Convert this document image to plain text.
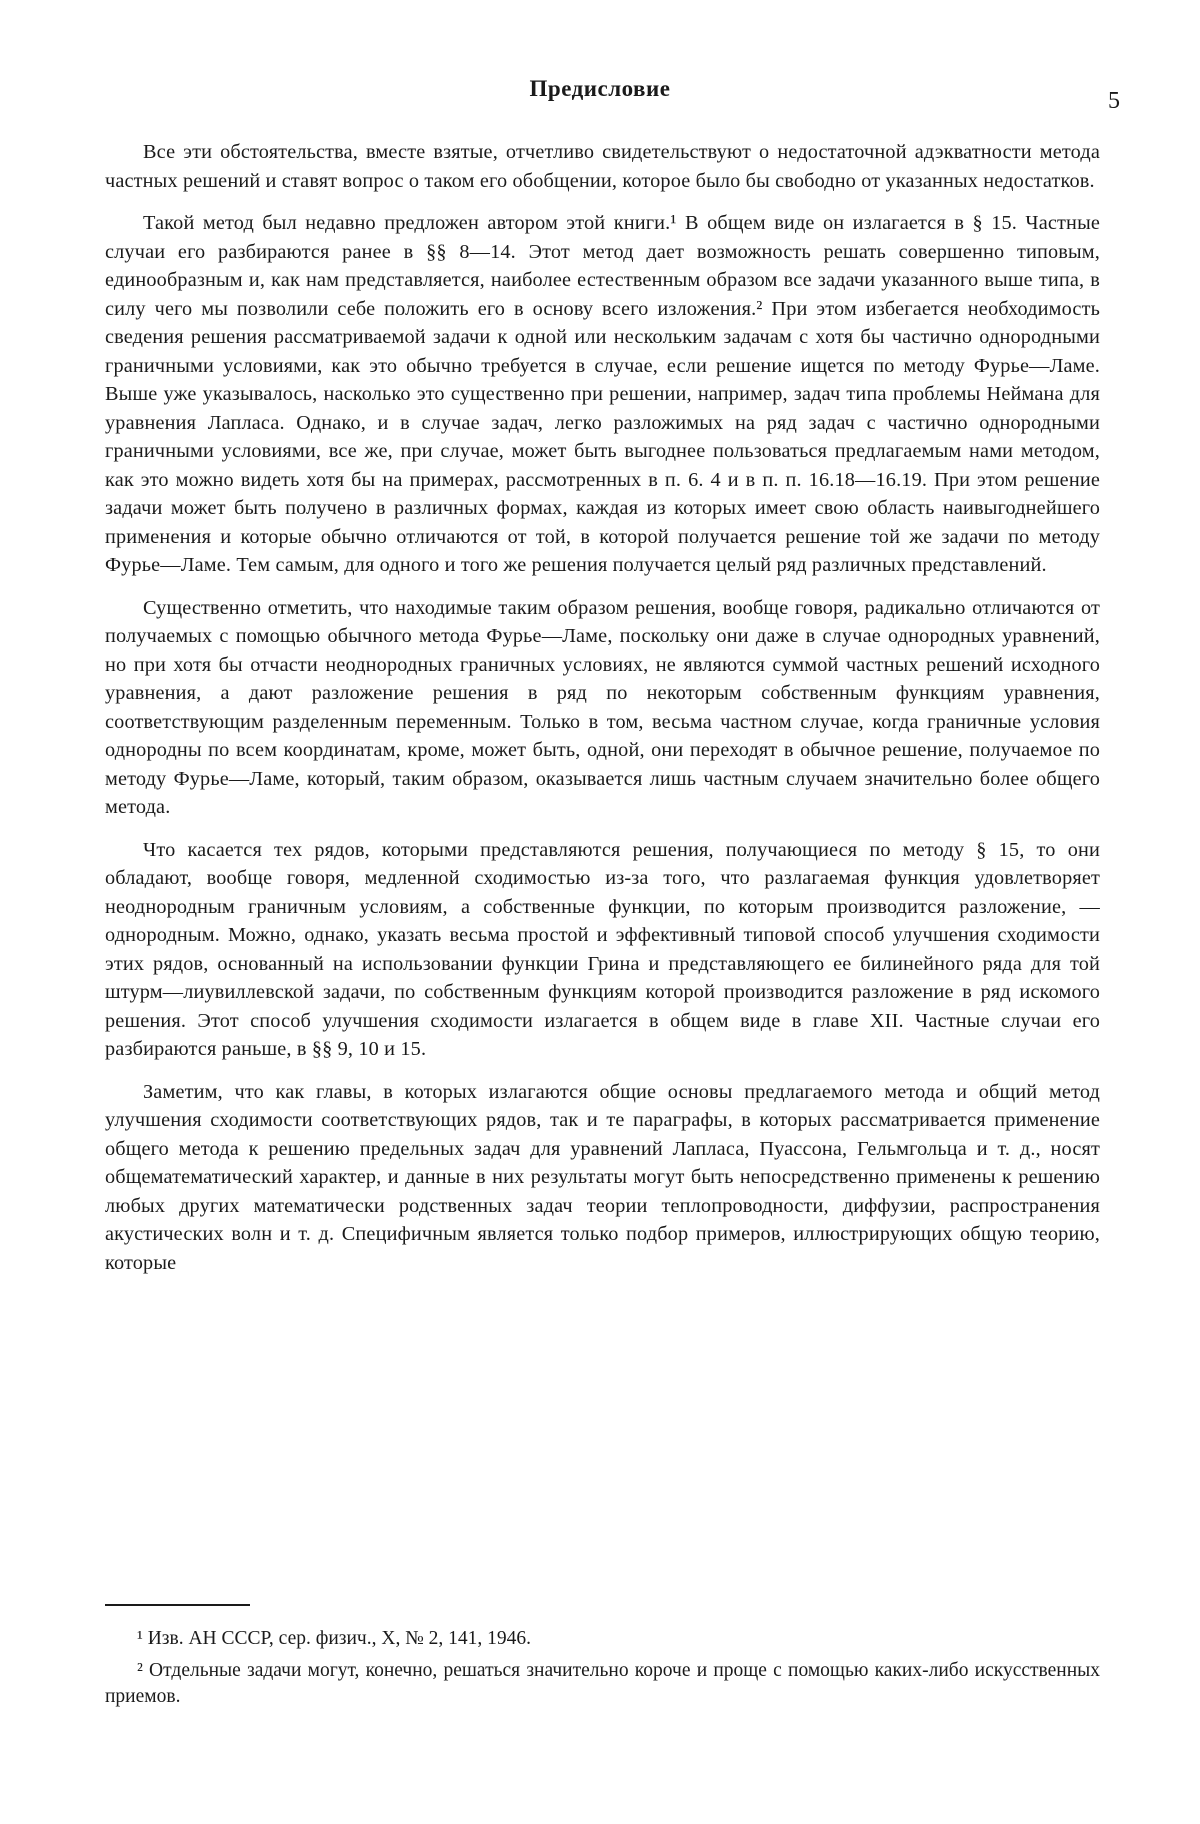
Предисловие	5

Все эти обстоятельства, вместе взятые, отчетливо свидетельствуют о недостаточной адэкватности метода частных решений и ставят вопрос о таком его обобщении, которое было бы свободно от указанных недостатков.

Такой метод был недавно предложен автором этой книги.¹ В общем виде он излагается в § 15. Частные случаи его разбираются ранее в §§ 8—14. Этот метод дает возможность решать совершенно типовым, единообразным и, как нам представляется, наиболее естественным образом все задачи указанного выше типа, в силу чего мы позволили себе положить его в основу всего изложения.² При этом избегается необходимость сведения решения рассматриваемой задачи к одной или нескольким задачам с хотя бы частично однородными граничными условиями, как это обычно требуется в случае, если решение ищется по методу Фурье—Ламе. Выше уже указывалось, насколько это существенно при решении, например, задач типа проблемы Неймана для уравнения Лапласа. Однако, и в случае задач, легко разложимых на ряд задач с частично однородными граничными условиями, все же, при случае, может быть выгоднее пользоваться предлагаемым нами методом, как это можно видеть хотя бы на примерах, рассмотренных в п. 6. 4 и в п. п. 16.18—16.19. При этом решение задачи может быть получено в различных формах, каждая из которых имеет свою область наивыгоднейшего применения и которые обычно отличаются от той, в которой получается решение той же задачи по методу Фурье—Ламе. Тем самым, для одного и того же решения получается целый ряд различных представлений.

Существенно отметить, что находимые таким образом решения, вообще говоря, радикально отличаются от получаемых с помощью обычного метода Фурье—Ламе, поскольку они даже в случае однородных уравнений, но при хотя бы отчасти неоднородных граничных условиях, не являются суммой частных решений исходного уравнения, а дают разложение решения в ряд по некоторым собственным функциям уравнения, соответствующим разделенным переменным. Только в том, весьма частном случае, когда граничные условия однородны по всем координатам, кроме, может быть, одной, они переходят в обычное решение, получаемое по методу Фурье—Ламе, который, таким образом, оказывается лишь частным случаем значительно более общего метода.

Что касается тех рядов, которыми представляются решения, получающиеся по методу § 15, то они обладают, вообще говоря, медленной сходимостью из-за того, что разлагаемая функция удовлетворяет неоднородным граничным условиям, а собственные функции, по которым производится разложение, — однородным. Можно, однако, указать весьма простой и эффективный типовой способ улучшения сходимости этих рядов, основанный на использовании функции Грина и представляющего ее билинейного ряда для той штурм—лиувиллевской задачи, по собственным функциям которой производится разложение в ряд искомого решения. Этот способ улучшения сходимости излагается в общем виде в главе XII. Частные случаи его разбираются раньше, в §§ 9, 10 и 15.

Заметим, что как главы, в которых излагаются общие основы предлагаемого метода и общий метод улучшения сходимости соответствующих рядов, так и те параграфы, в которых рассматривается применение общего метода к решению предельных задач для уравнений Лапласа, Пуассона, Гельмгольца и т. д., носят общематематический характер, и данные в них результаты могут быть непосредственно применены к решению любых других математически родственных задач теории теплопроводности, диффузии, распространения акустических волн и т. д. Специфичным является только подбор примеров, иллюстрирующих общую теорию, которые

¹ Изв. АН СССР, сер. физич., X, № 2, 141, 1946.

² Отдельные задачи могут, конечно, решаться значительно короче и проще с помощью каких-либо искусственных приемов.
